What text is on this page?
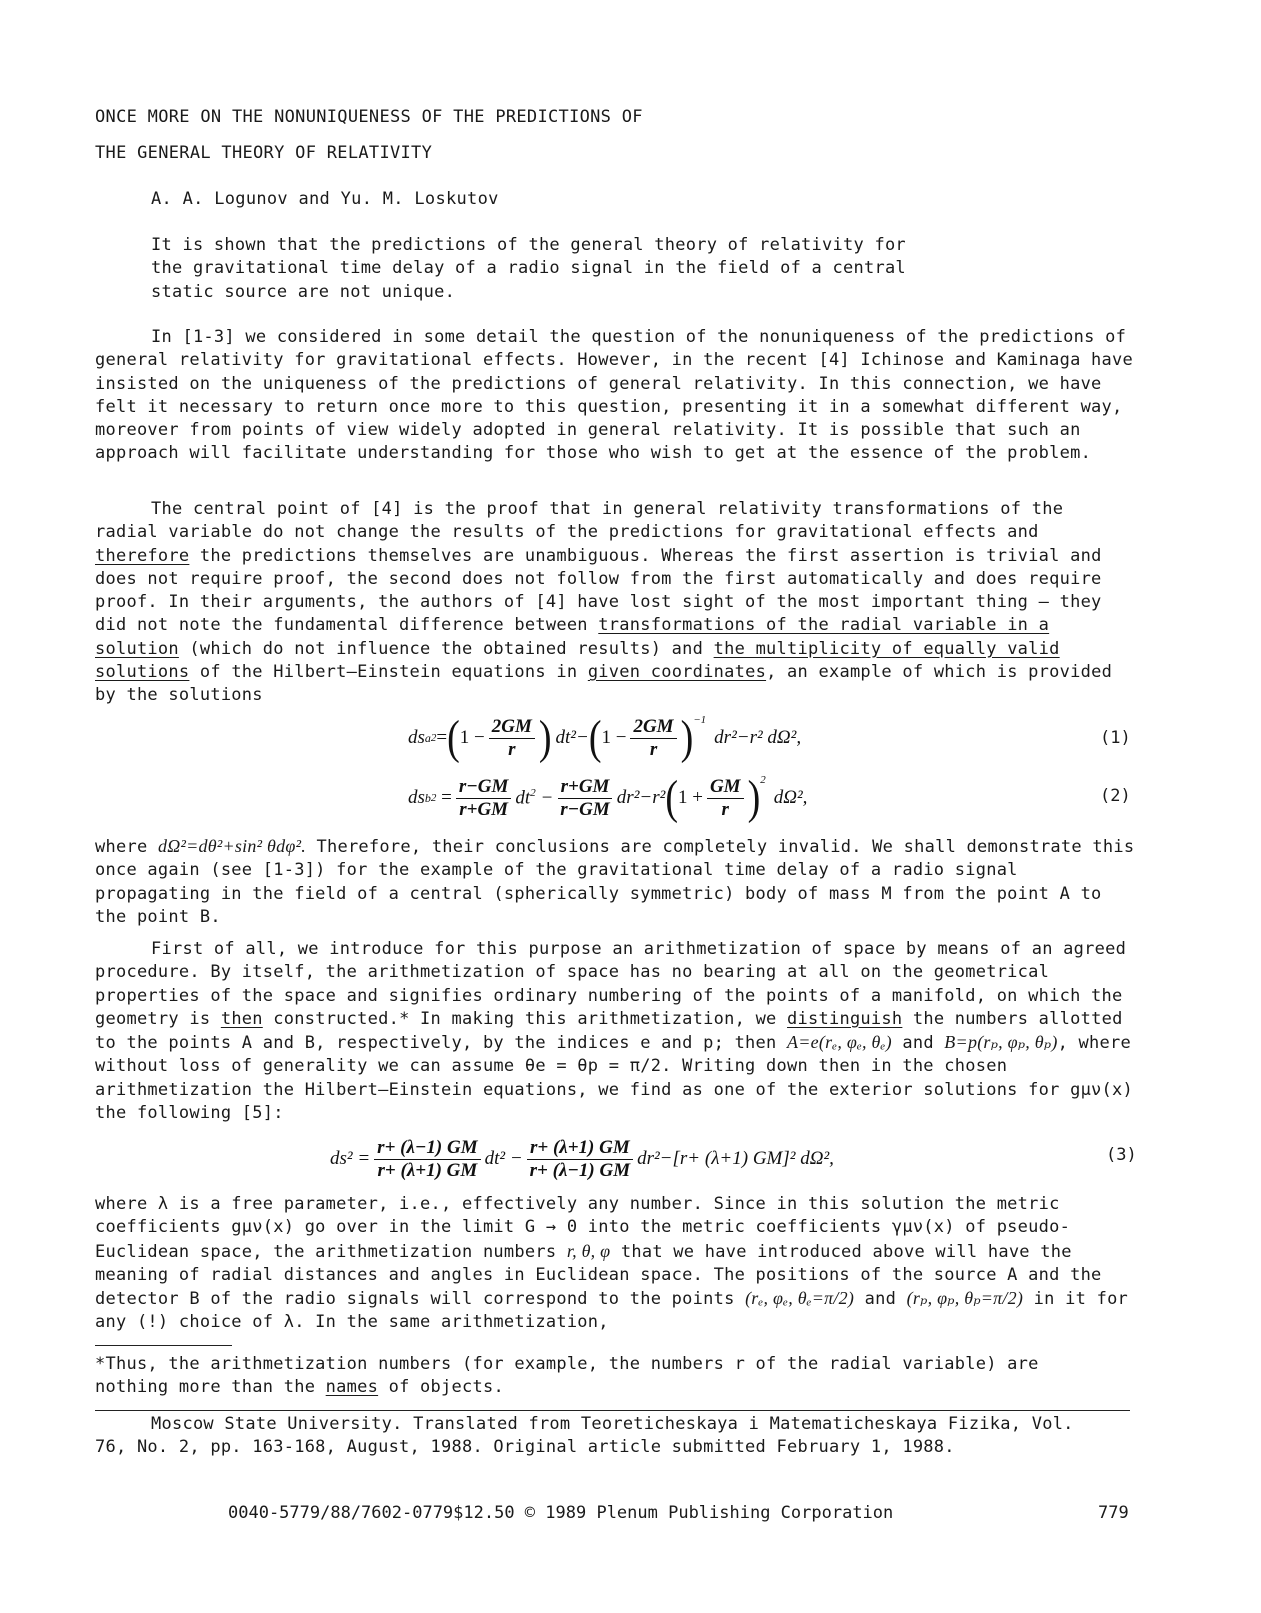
ONCE MORE ON THE NONUNIQUENESS OF THE PREDICTIONS OF
THE GENERAL THEORY OF RELATIVITY
A. A. Logunov and Yu. M. Loskutov

It is shown that the predictions of the general theory of relativity for the gravitational time delay of a radio signal in the field of a central static source are not unique.

In [1-3] we considered in some detail the question of the nonuniqueness of the predictions of general relativity for gravitational effects. However, in the recent [4] Ichinose and Kaminaga have insisted on the uniqueness of the predictions of general relativity. In this connection, we have felt it necessary to return once more to this question, presenting it in a somewhat different way, moreover from points of view widely adopted in general relativity. It is possible that such an approach will facilitate understanding for those who wish to get at the essence of the problem.

The central point of [4] is the proof that in general relativity transformations of the radial variable do not change the results of the predictions for gravitational effects and therefore the predictions themselves are unambiguous. Whereas the first assertion is trivial and does not require proof, the second does not follow from the first automatically and does require proof. In their arguments, the authors of [4] have lost sight of the most important thing — they did not note the fundamental difference between transformations of the radial variable in a solution (which do not influence the obtained results) and the multiplicity of equally valid solutions of the Hilbert–Einstein equations in given coordinates, an example of which is provided by the solutions

ds a 2 = ( $1 - \frac{2GM}{r}$ ) dt²− ( $1 - \frac{2GM}{r} )^{-1}$
dr²−r² dΩ²,	(1)
ds b $2 = \frac{r-GM}{r+GM} dt^2 - \frac{r+GM}{r-GM} dr^2-r^2$ ( $1 + \frac{GM}{r} )^2$
dΩ²,	(2)

where dΩ²=dθ²+sin² θdφ². Therefore, their conclusions are completely invalid. We shall demonstrate this once again (see [1-3]) for the example of the gravitational time delay of a radio signal propagating in the field of a central (spherically symmetric) body of mass M from the point A to the point B.

First of all, we introduce for this purpose an arithmetization of space by means of an agreed procedure. By itself, the arithmetization of space has no bearing at all on the geometrical properties of the space and signifies ordinary numbering of the points of a manifold, on which the geometry is then constructed.* In making this arithmetization, we distinguish the numbers allotted to the points A and B, respectively, by the indices e and p; then A=e(rₑ, φₑ, θₑ) and B=p(rₚ, φₚ, θₚ), where without loss of generality we can assume θe = θp = π/2. Writing down then in the chosen arithmetization the Hilbert–Einstein equations, we find as one of the exterior solutions for gμν(x) the following [5]:

$ds^2 = \frac{r+ (\lambda-1) GM}{r+ (\lambda+1) GM} dt^2 - \frac{r+ (\lambda+1) GM}{r+ (\lambda-1) GM} dr^2-[r+ (\lambda+1)$ GM]² dΩ²,	(3)

where λ is a free parameter, i.e., effectively any number. Since in this solution the metric coefficients gμν(x) go over in the limit G → 0 into the metric coefficients γμν(x) of pseudo-Euclidean space, the arithmetization numbers r, θ, φ that we have introduced above will have the meaning of radial distances and angles in Euclidean space. The positions of the source A and the detector B of the radio signals will correspond to the points (rₑ, φₑ, θₑ=π/2) and (rₚ, φₚ, θₚ=π/2) in it for any (!) choice of λ. In the same arithmetization,

*Thus, the arithmetization numbers (for example, the numbers r of the radial variable) are nothing more than the names of objects.

Moscow State University. Translated from Teoreticheskaya i Matematicheskaya Fizika, Vol. 76, No. 2, pp. 163-168, August, 1988. Original article submitted February 1, 1988.

0040-5779/88/7602-0779$12.50 © 1989 Plenum Publishing Corporation	779
